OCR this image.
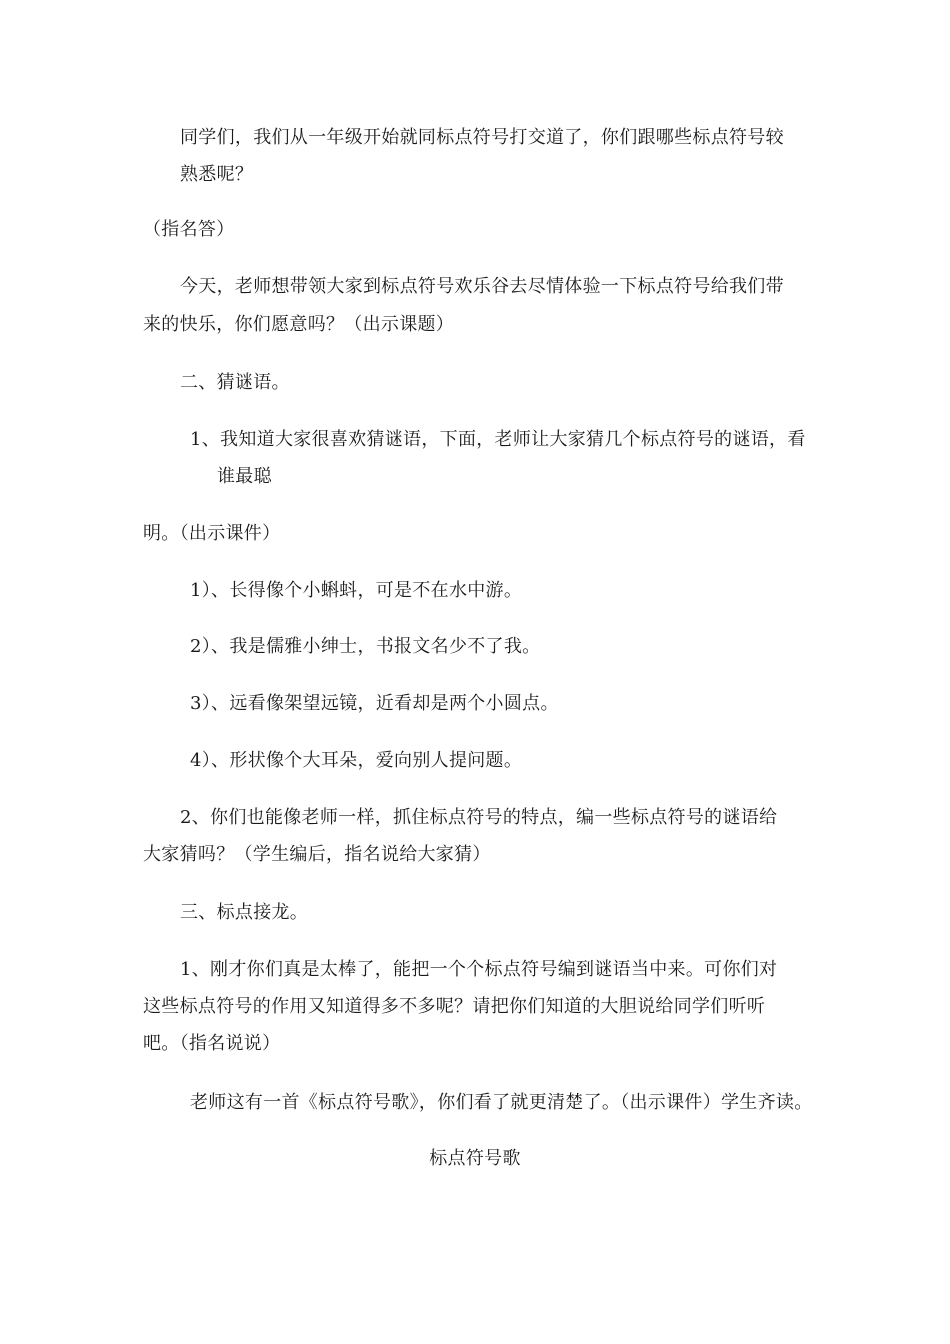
同学们，我们从一年级开始就同标点符号打交道了，你们跟哪些标点符号较
熟悉呢？
（指名答）
今天，老师想带领大家到标点符号欢乐谷去尽情体验一下标点符号给我们带
来的快乐，你们愿意吗？（出示课题）
二、猜谜语。
1、我知道大家很喜欢猜谜语，下面，老师让大家猜几个标点符号的谜语，看
谁最聪
明。（出示课件）
1）、长得像个小蝌蚪，可是不在水中游。
2）、我是儒雅小绅士，书报文名少不了我。
3）、远看像架望远镜，近看却是两个小圆点。
4）、形状像个大耳朵，爱向别人提问题。
2、你们也能像老师一样，抓住标点符号的特点，编一些标点符号的谜语给
大家猜吗？（学生编后，指名说给大家猜）
三、标点接龙。
1、刚才你们真是太棒了，能把一个个标点符号编到谜语当中来。可你们对
这些标点符号的作用又知道得多不多呢？请把你们知道的大胆说给同学们听听
吧。（指名说说）
老师这有一首《标点符号歌》，你们看了就更清楚了。（出示课件）学生齐读。
标点符号歌
